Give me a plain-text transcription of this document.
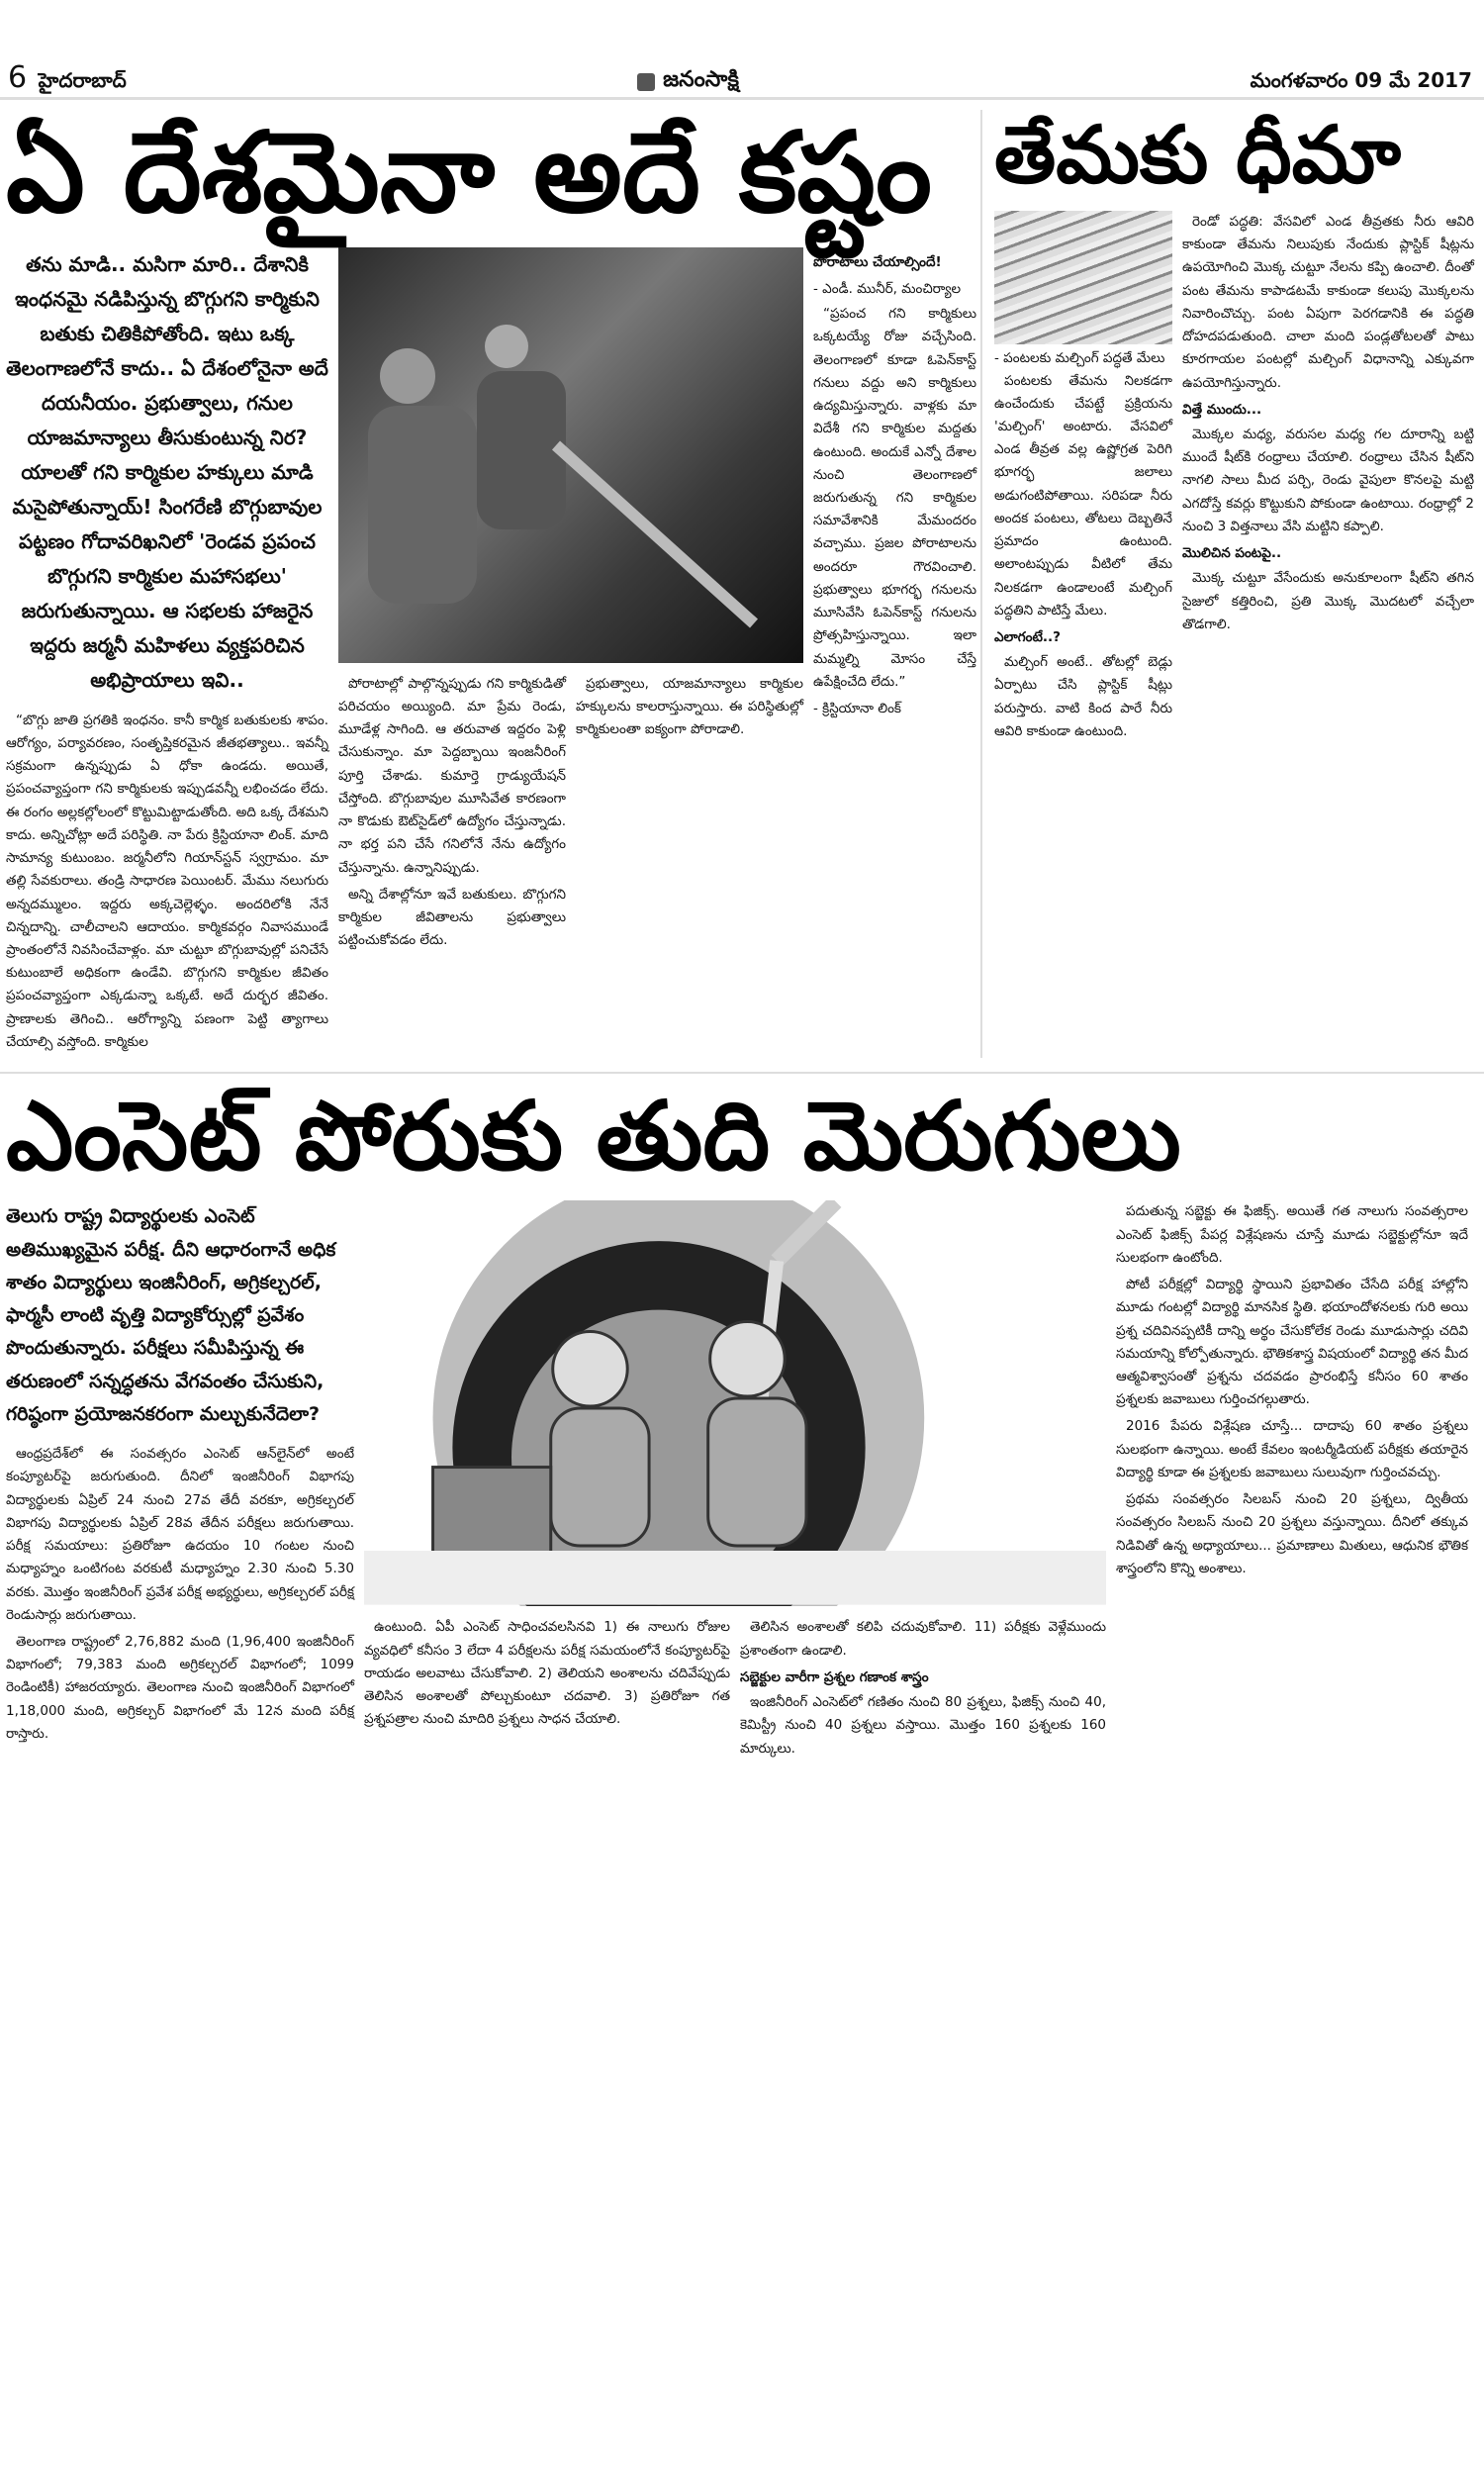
6 హైదరాబాద్	జనంసాక్షి	మంగళవారం 09 మే 2017
ఏ దేశమైనా అదే కష్టం
తను మాడి.. మసిగా మారి.. దేశానికి ఇంధనమై నడిపిస్తున్న బొగ్గుగని కార్మికుని బతుకు చితికిపోతోంది. ఇటు ఒక్క తెలంగాణలోనే కాదు.. ఏ దేశంలోనైనా అదే దయనీయం. ప్రభుత్వాలు, గనుల యాజమాన్యాలు తీసుకుంటున్న నిర?యాలతో గని కార్మికుల హక్కులు మాడి మసైపోతున్నాయ్! సింగరేణి బొగ్గుబావుల పట్టణం గోదావరిఖనిలో 'రెండవ ప్రపంచ బొగ్గుగని కార్మికుల మహాసభలు' జరుగుతున్నాయి. ఆ సభలకు హాజరైన ఇద్దరు జర్మనీ మహిళలు వ్యక్తపరిచిన అభిప్రాయాలు ఇవి..

“బొగ్గు జాతి ప్రగతికి ఇంధనం. కానీ కార్మిక బతుకులకు శాపం. ఆరోగ్యం, పర్యావరణం, సంతృప్తికరమైన జీతభత్యాలు.. ఇవన్నీ సక్రమంగా ఉన్నప్పుడు ఏ ధోకా ఉండదు. అయితే, ప్రపంచవ్యాప్తంగా గని కార్మికులకు ఇప్పుడవన్నీ లభించడం లేదు. ఈ రంగం అల్లకల్లోలంలో కొట్టుమిట్టాడుతోంది. అది ఒక్క దేశమని కాదు. అన్నిచోట్లా అదే పరిస్థితి. నా పేరు క్రిస్టియానా లింక్. మాది సామాన్య కుటుంబం. జర్మనీలోని గియాన్‌స్టన్ స్వగ్రామం. మా తల్లి సేవకురాలు. తండ్రి సాధారణ పెయింటర్. మేము నలుగురు అన్నదమ్ములం. ఇద్దరు అక్కచెల్లెళ్ళం. అందరిలోకి నేనే చిన్నదాన్ని. చాలీచాలని ఆదాయం. కార్మికవర్గం నివాసముండే ప్రాంతంలోనే నివసించేవాళ్లం. మా చుట్టూ బొగ్గుబావుల్లో పనిచేసే కుటుంబాలే అధికంగా ఉండేవి. బొగ్గుగని కార్మికుల జీవితం ప్రపంచవ్యాప్తంగా ఎక్కడున్నా ఒక్కటే. అదే దుర్భర జీవితం. ప్రాణాలకు తెగించి.. ఆరోగ్యాన్ని పణంగా పెట్టి త్యాగాలు చేయాల్సి వస్తోంది. కార్మికుల

పోరాటాల్లో పాల్గొన్నప్పుడు గని కార్మికుడితో పరిచయం అయ్యింది. మా ప్రేమ రెండు, మూడేళ్ల సాగింది. ఆ తరువాత ఇద్దరం పెళ్లి చేసుకున్నాం. మా పెద్దబ్బాయి ఇంజనీరింగ్ పూర్తి చేశాడు. కుమార్తె గ్రాడ్యుయేషన్ చేస్తోంది. బొగ్గుబావుల మూసివేత కారణంగా నా కొడుకు ఔట్‌సైడ్‌లో ఉద్యోగం చేస్తున్నాడు. నా భర్త పని చేసే గనిలోనే నేను ఉద్యోగం చేస్తున్నాను. ఉన్నానిప్పుడు.

అన్ని దేశాల్లోనూ ఇవే బతుకులు. బొగ్గుగని కార్మికుల జీవితాలను ప్రభుత్వాలు పట్టించుకోవడం లేదు.

ప్రభుత్వాలు, యాజమాన్యాలు కార్మికుల హక్కులను కాలరాస్తున్నాయి. ఈ పరిస్థితుల్లో కార్మికులంతా ఐక్యంగా పోరాడాలి.

పోరాటాలు చేయాల్సిందే!
- ఎండీ. మునీర్, మంచిర్యాల

“ప్రపంచ గని కార్మికులు ఒక్కటయ్యే రోజు వచ్చేసింది. తెలంగాణలో కూడా ఓపెన్‌కాస్ట్ గనులు వద్దు అని కార్మికులు ఉద్యమిస్తున్నారు. వాళ్లకు మా విదేశీ గని కార్మికుల మద్దతు ఉంటుంది. అందుకే ఎన్నో దేశాల నుంచి తెలంగాణలో జరుగుతున్న గని కార్మికుల సమావేశానికి మేమందరం వచ్చాము. ప్రజల పోరాటాలను అందరూ గౌరవించాలి. ప్రభుత్వాలు భూగర్భ గనులను మూసివేసి ఓపెన్‌కాస్ట్ గనులను ప్రోత్సహిస్తున్నాయి. ఇలా మమ్మల్ని మోసం చేస్తే ఉపేక్షించేది లేదు.”

- క్రిస్టియానా లింక్
తేమకు ధీమా
- పంటలకు మల్చింగ్ పద్ధతే మేలు

పంటలకు తేమను నిలకడగా ఉంచేందుకు చేపట్టే ప్రక్రియను 'మల్చింగ్' అంటారు. వేసవిలో ఎండ తీవ్రత వల్ల ఉష్ణోగ్రత పెరిగి భూగర్భ జలాలు అడుగంటిపోతాయి. సరిపడా నీరు అందక పంటలు, తోటలు దెబ్బతినే ప్రమాదం ఉంటుంది. అలాంటప్పుడు వీటిలో తేమ నిలకడగా ఉండాలంటే మల్చింగ్ పద్ధతిని పాటిస్తే మేలు.

ఎలాగంటే..?

మల్చింగ్ అంటే.. తోటల్లో బెడ్లు ఏర్పాటు చేసి ప్లాస్టిక్ షీట్లు పరుస్తారు. వాటి కింద పారే నీరు ఆవిరి కాకుండా ఉంటుంది.

రెండో పద్ధతి: వేసవిలో ఎండ తీవ్రతకు నీరు ఆవిరి కాకుండా తేమను నిలుపుకు నేందుకు ప్లాస్టిక్ షీట్లను ఉపయోగించి మొక్క చుట్టూ నేలను కప్పి ఉంచాలి. దీంతో పంట తేమను కాపాడటమే కాకుండా కలుపు మొక్కలను నివారించొచ్చు. పంట ఏపుగా పెరగడానికి ఈ పద్ధతి దోహదపడుతుంది. చాలా మంది పండ్లతోటలతో పాటు కూరగాయల పంటల్లో మల్చింగ్ విధానాన్ని ఎక్కువగా ఉపయోగిస్తున్నారు.

విత్తే ముందు...

మొక్కల మధ్య, వరుసల మధ్య గల దూరాన్ని బట్టి ముందే షీట్‌కి రంధ్రాలు చేయాలి. రంధ్రాలు చేసిన షీట్‌ని నాగలి సాలు మీద పర్చి, రెండు వైపులా కొనలపై మట్టి ఎగదోస్తే కవర్లు కొట్టుకుని పోకుండా ఉంటాయి. రంధ్రాల్లో 2 నుంచి 3 విత్తనాలు వేసి మట్టిని కప్పాలి.

మొలిచిన పంటపై..

మొక్క చుట్టూ వేసేందుకు అనుకూలంగా షీట్‌ని తగిన సైజులో కత్తిరించి, ప్రతి మొక్క మొదటలో వచ్చేలా తొడగాలి.

ఎంసెట్ పోరుకు తుది మెరుగులు
తెలుగు రాష్ట్ర విద్యార్థులకు ఎంసెట్ అతిముఖ్యమైన పరీక్ష. దీని ఆధారంగానే అధిక శాతం విద్యార్థులు ఇంజినీరింగ్, అగ్రికల్చరల్, ఫార్మసీ లాంటి వృత్తి విద్యాకోర్సుల్లో ప్రవేశం పొందుతున్నారు. పరీక్షలు సమీపిస్తున్న ఈ తరుణంలో సన్నద్ధతను వేగవంతం చేసుకుని, గరిష్ఠంగా ప్రయోజనకరంగా మల్చుకునేదెలా?

ఆంధ్రప్రదేశ్‌లో ఈ సంవత్సరం ఎంసెట్ ఆన్‌లైన్‌లో అంటే కంప్యూటర్‌పై జరుగుతుంది. దీనిలో ఇంజినీరింగ్ విభాగపు విద్యార్థులకు ఏప్రిల్ 24 నుంచి 27వ తేదీ వరకూ, అగ్రికల్చరల్ విభాగపు విద్యార్థులకు ఏప్రిల్ 28వ తేదీన పరీక్షలు జరుగుతాయి. పరీక్ష సమయాలు: ప్రతిరోజూ ఉదయం 10 గంటల నుంచి మధ్యాహ్నం ఒంటిగంట వరకుటీ మధ్యాహ్నం 2.30 నుంచి 5.30 వరకు. మొత్తం ఇంజినీరింగ్ ప్రవేశ పరీక్ష అభ్యర్థులు, అగ్రికల్చరల్ పరీక్ష రెండుసార్లు జరుగుతాయి.

తెలంగాణ రాష్ట్రంలో 2,76,882 మంది (1,96,400 ఇంజినీరింగ్ విభాగంలో; 79,383 మంది అగ్రికల్చరల్ విభాగంలో; 1099 రెండింటికీ) హాజరయ్యారు. తెలంగాణ నుంచి ఇంజినీరింగ్ విభాగంలో 1,18,000 మంది, అగ్రికల్చర్ విభాగంలో మే 12న మంది పరీక్ష రాస్తారు.

ఉంటుంది. ఏపీ ఎంసెట్ సాధించవలసినవి 1) ఈ నాలుగు రోజుల వ్యవధిలో కనీసం 3 లేదా 4 పరీక్షలను పరీక్ష సమయంలోనే కంప్యూటర్‌పై రాయడం అలవాటు చేసుకోవాలి. 2) తెలియని అంశాలను చదివేప్పుడు తెలిసిన అంశాలతో పోల్చుకుంటూ చదవాలి. 3) ప్రతిరోజూ గత ప్రశ్నపత్రాల నుంచి మాదిరి ప్రశ్నలు సాధన చేయాలి.

తెలిసిన అంశాలతో కలిపి చదువుకోవాలి. 11) పరీక్షకు వెళ్లేముందు ప్రశాంతంగా ఉండాలి.

సబ్జెక్టుల వారీగా ప్రశ్నల గణాంక శాస్త్రం

ఇంజినీరింగ్ ఎంసెట్‌లో గణితం నుంచి 80 ప్రశ్నలు, ఫిజిక్స్ నుంచి 40, కెమిస్ట్రీ నుంచి 40 ప్రశ్నలు వస్తాయి. మొత్తం 160 ప్రశ్నలకు 160 మార్కులు.

పదుతున్న సబ్జెక్టు ఈ ఫిజిక్స్. అయితే గత నాలుగు సంవత్సరాల ఎంసెట్ ఫిజిక్స్ పేపర్ల విశ్లేషణను చూస్తే మూడు సబ్జెక్టుల్లోనూ ఇదే సులభంగా ఉంటోంది.

పోటీ పరీక్షల్లో విద్యార్థి స్థాయిని ప్రభావితం చేసేది పరీక్ష హాల్లోని మూడు గంటల్లో విద్యార్థి మానసిక స్థితి. భయాందోళనలకు గురి అయి ప్రశ్న చదివినప్పటికీ దాన్ని అర్థం చేసుకోలేక రెండు మూడుసార్లు చదివి సమయాన్ని కోల్పోతున్నారు. భౌతికశాస్త్ర విషయంలో విద్యార్థి తన మీద ఆత్మవిశ్వాసంతో ప్రశ్నను చదవడం ప్రారంభిస్తే కనీసం 60 శాతం ప్రశ్నలకు జవాబులు గుర్తించగల్గుతారు.

2016 పేపరు విశ్లేషణ చూస్తే... దాదాపు 60 శాతం ప్రశ్నలు సులభంగా ఉన్నాయి. అంటే కేవలం ఇంటర్మీడియట్ పరీక్షకు తయారైన విద్యార్థి కూడా ఈ ప్రశ్నలకు జవాబులు సులువుగా గుర్తించవచ్చు.

ప్రథమ సంవత్సరం సిలబస్ నుంచి 20 ప్రశ్నలు, ద్వితీయ సంవత్సరం సిలబస్ నుంచి 20 ప్రశ్నలు వస్తున్నాయి. దీనిలో తక్కువ నిడివితో ఉన్న అధ్యాయాలు... ప్రమాణాలు మితులు, ఆధునిక భౌతిక శాస్త్రంలోని కొన్ని అంశాలు.
